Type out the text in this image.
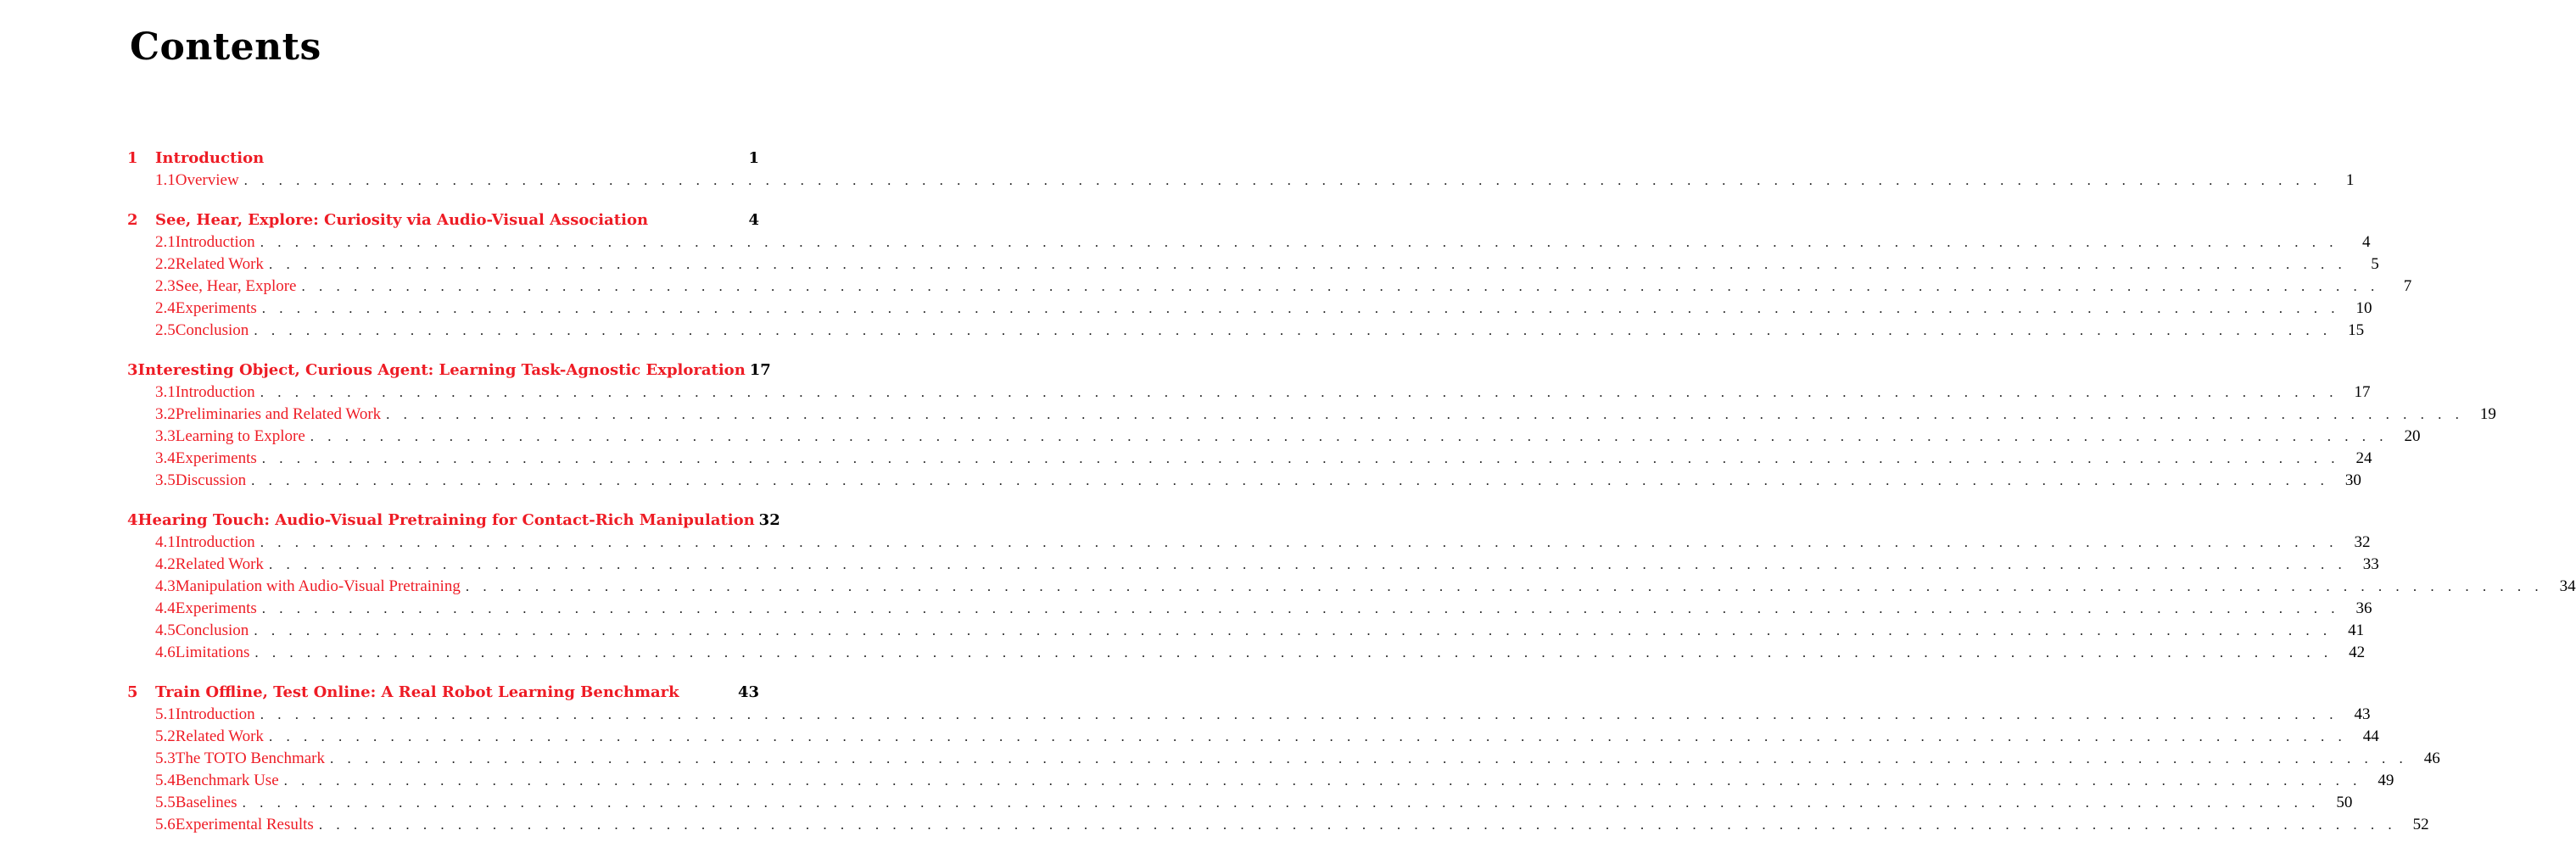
Contents
1	Introduction	1
1.1 Overview . . . . . . . . . . . . . . . . . . . . . . . . . . . . . . . . . . . . . . . . . . . . . . . . . . . . . . . . . . . . . . . . . . . . . . . . . . . . . . . . . . . . . . . . . . . . . . . . . . . . . . . . . . . . . . . . . . . . . . . .	1
2	See, Hear, Explore: Curiosity via Audio-Visual Association	4
2.1 Introduction . . . . . . . . . . . . . . . . . . . . . . . . . . . . . . . . . . . . . . . . . . . . . . . . . . . . . . . . . . . . . . . . . . . . . . . . . . . . . . . . . . . . . . . . . . . . . . . . . . . . . . . . . . . . . . . . . . . . . . . .	4
2.2 Related Work . . . . . . . . . . . . . . . . . . . . . . . . . . . . . . . . . . . . . . . . . . . . . . . . . . . . . . . . . . . . . . . . . . . . . . . . . . . . . . . . . . . . . . . . . . . . . . . . . . . . . . . . . . . . . . . . . . . . . . . .	5
2.3 See, Hear, Explore . . . . . . . . . . . . . . . . . . . . . . . . . . . . . . . . . . . . . . . . . . . . . . . . . . . . . . . . . . . . . . . . . . . . . . . . . . . . . . . . . . . . . . . . . . . . . . . . . . . . . . . . . . . . . . . . . . . . . . . .	7
2.4 Experiments . . . . . . . . . . . . . . . . . . . . . . . . . . . . . . . . . . . . . . . . . . . . . . . . . . . . . . . . . . . . . . . . . . . . . . . . . . . . . . . . . . . . . . . . . . . . . . . . . . . . . . . . . . . . . . . . . . . . . . . .	10
2.5 Conclusion . . . . . . . . . . . . . . . . . . . . . . . . . . . . . . . . . . . . . . . . . . . . . . . . . . . . . . . . . . . . . . . . . . . . . . . . . . . . . . . . . . . . . . . . . . . . . . . . . . . . . . . . . . . . . . . . . . . . . . . .	15
3 Interesting Object, Curious Agent: Learning Task-Agnostic Exploration 17
3.1 Introduction . . . . . . . . . . . . . . . . . . . . . . . . . . . . . . . . . . . . . . . . . . . . . . . . . . . . . . . . . . . . . . . . . . . . . . . . . . . . . . . . . . . . . . . . . . . . . . . . . . . . . . . . . . . . . . . . . . . . . . . .	17
3.2 Preliminaries and Related Work . . . . . . . . . . . . . . . . . . . . . . . . . . . . . . . . . . . . . . . . . . . . . . . . . . . . . . . . . . . . . . . . . . . . . . . . . . . . . . . . . . . . . . . . . . . . . . . . . . . . . . . . . . . . . . . . . . . . . . . .	19
3.3 Learning to Explore . . . . . . . . . . . . . . . . . . . . . . . . . . . . . . . . . . . . . . . . . . . . . . . . . . . . . . . . . . . . . . . . . . . . . . . . . . . . . . . . . . . . . . . . . . . . . . . . . . . . . . . . . . . . . . . . . . . . . . . .	20
3.4 Experiments . . . . . . . . . . . . . . . . . . . . . . . . . . . . . . . . . . . . . . . . . . . . . . . . . . . . . . . . . . . . . . . . . . . . . . . . . . . . . . . . . . . . . . . . . . . . . . . . . . . . . . . . . . . . . . . . . . . . . . . .	24
3.5 Discussion . . . . . . . . . . . . . . . . . . . . . . . . . . . . . . . . . . . . . . . . . . . . . . . . . . . . . . . . . . . . . . . . . . . . . . . . . . . . . . . . . . . . . . . . . . . . . . . . . . . . . . . . . . . . . . . . . . . . . . . .	30
4 Hearing Touch: Audio-Visual Pretraining for Contact-Rich Manipulation 32
4.1 Introduction . . . . . . . . . . . . . . . . . . . . . . . . . . . . . . . . . . . . . . . . . . . . . . . . . . . . . . . . . . . . . . . . . . . . . . . . . . . . . . . . . . . . . . . . . . . . . . . . . . . . . . . . . . . . . . . . . . . . . . . .	32
4.2 Related Work . . . . . . . . . . . . . . . . . . . . . . . . . . . . . . . . . . . . . . . . . . . . . . . . . . . . . . . . . . . . . . . . . . . . . . . . . . . . . . . . . . . . . . . . . . . . . . . . . . . . . . . . . . . . . . . . . . . . . . . .	33
4.3 Manipulation with Audio-Visual Pretraining . . . . . . . . . . . . . . . . . . . . . . . . . . . . . . . . . . . . . . . . . . . . . . . . . . . . . . . . . . . . . . . . . . . . . . . . . . . . . . . . . . . . . . . . . . . . . . . . . . . . . . . . . . . . . . . . . . . . . . . .	34
4.4 Experiments . . . . . . . . . . . . . . . . . . . . . . . . . . . . . . . . . . . . . . . . . . . . . . . . . . . . . . . . . . . . . . . . . . . . . . . . . . . . . . . . . . . . . . . . . . . . . . . . . . . . . . . . . . . . . . . . . . . . . . . .	36
4.5 Conclusion . . . . . . . . . . . . . . . . . . . . . . . . . . . . . . . . . . . . . . . . . . . . . . . . . . . . . . . . . . . . . . . . . . . . . . . . . . . . . . . . . . . . . . . . . . . . . . . . . . . . . . . . . . . . . . . . . . . . . . . .	41
4.6 Limitations . . . . . . . . . . . . . . . . . . . . . . . . . . . . . . . . . . . . . . . . . . . . . . . . . . . . . . . . . . . . . . . . . . . . . . . . . . . . . . . . . . . . . . . . . . . . . . . . . . . . . . . . . . . . . . . . . . . . . . . .	42
5	Train Offline, Test Online: A Real Robot Learning Benchmark	43
5.1 Introduction . . . . . . . . . . . . . . . . . . . . . . . . . . . . . . . . . . . . . . . . . . . . . . . . . . . . . . . . . . . . . . . . . . . . . . . . . . . . . . . . . . . . . . . . . . . . . . . . . . . . . . . . . . . . . . . . . . . . . . . .	43
5.2 Related Work . . . . . . . . . . . . . . . . . . . . . . . . . . . . . . . . . . . . . . . . . . . . . . . . . . . . . . . . . . . . . . . . . . . . . . . . . . . . . . . . . . . . . . . . . . . . . . . . . . . . . . . . . . . . . . . . . . . . . . . .	44
5.3 The TOTO Benchmark . . . . . . . . . . . . . . . . . . . . . . . . . . . . . . . . . . . . . . . . . . . . . . . . . . . . . . . . . . . . . . . . . . . . . . . . . . . . . . . . . . . . . . . . . . . . . . . . . . . . . . . . . . . . . . . . . . . . . . . .	46
5.4 Benchmark Use . . . . . . . . . . . . . . . . . . . . . . . . . . . . . . . . . . . . . . . . . . . . . . . . . . . . . . . . . . . . . . . . . . . . . . . . . . . . . . . . . . . . . . . . . . . . . . . . . . . . . . . . . . . . . . . . . . . . . . . .	49
5.5 Baselines . . . . . . . . . . . . . . . . . . . . . . . . . . . . . . . . . . . . . . . . . . . . . . . . . . . . . . . . . . . . . . . . . . . . . . . . . . . . . . . . . . . . . . . . . . . . . . . . . . . . . . . . . . . . . . . . . . . . . . . .	50
5.6 Experimental Results . . . . . . . . . . . . . . . . . . . . . . . . . . . . . . . . . . . . . . . . . . . . . . . . . . . . . . . . . . . . . . . . . . . . . . . . . . . . . . . . . . . . . . . . . . . . . . . . . . . . . . . . . . . . . . . . . . . . . . . .	52
